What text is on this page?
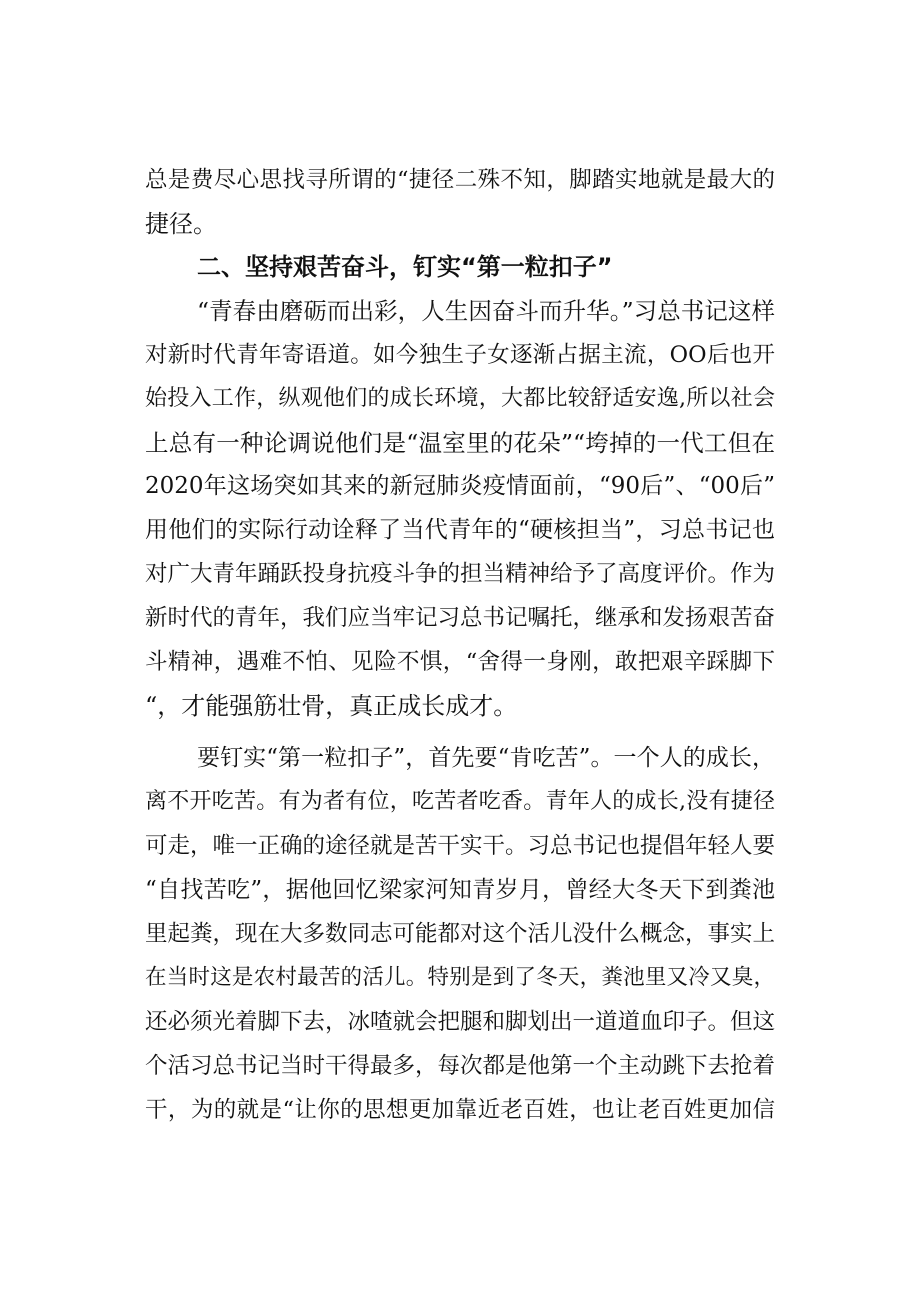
总是费尽心思找寻所谓的“捷径二殊不知，脚踏实地就是最大的
捷径。
二、坚持艰苦奋斗，钉实“第一粒扣子”
“青春由磨砺而出彩，人生因奋斗而升华。”习总书记这样
对新时代青年寄语道。如今独生子女逐渐占据主流，OO后也开
始投入工作，纵观他们的成长环境，大都比较舒适安逸,所以社会
上总有一种论调说他们是“温室里的花朵”“垮掉的一代工但在
2020年这场突如其来的新冠肺炎疫情面前，“90后”、“00后”
用他们的实际行动诠释了当代青年的“硬核担当”，习总书记也
对广大青年踊跃投身抗疫斗争的担当精神给予了高度评价。作为
新时代的青年，我们应当牢记习总书记嘱托，继承和发扬艰苦奋
斗精神，遇难不怕、见险不惧，“舍得一身刚，敢把艰辛踩脚下
“，才能强筋壮骨，真正成长成才。
要钉实“第一粒扣子”，首先要“肯吃苦”。一个人的成长，
离不开吃苦。有为者有位，吃苦者吃香。青年人的成长,没有捷径
可走，唯一正确的途径就是苦干实干。习总书记也提倡年轻人要
“自找苦吃”，据他回忆梁家河知青岁月，曾经大冬天下到粪池
里起粪，现在大多数同志可能都对这个活儿没什么概念，事实上
在当时这是农村最苦的活儿。特别是到了冬天，粪池里又冷又臭，
还必须光着脚下去，冰喳就会把腿和脚划出一道道血印子。但这
个活习总书记当时干得最多，每次都是他第一个主动跳下去抢着
干，为的就是“让你的思想更加靠近老百姓，也让老百姓更加信
